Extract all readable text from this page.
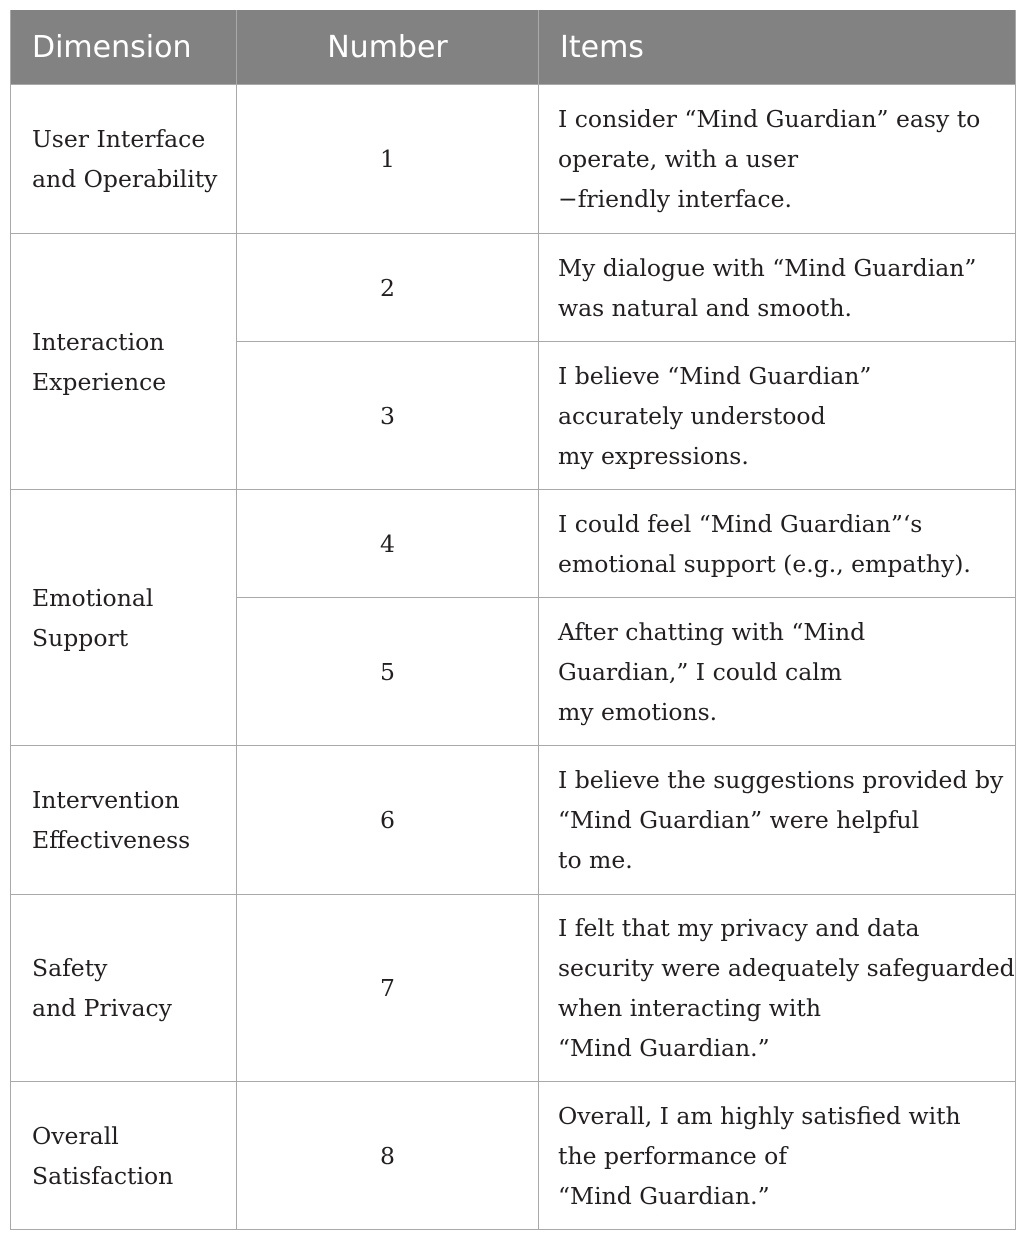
Dimension	Number	Items

User Interface
and Operability	1	I consider “Mind Guardian” easy to
operate, with a user
−friendly interface.

Interaction
Experience	2	My dialogue with “Mind Guardian”
was natural and smooth.

	3	I believe “Mind Guardian”
accurately understood
my expressions.

Emotional
Support	4	I could feel “Mind Guardian”‘s
emotional support (e.g., empathy).

	5	After chatting with “Mind
Guardian,” I could calm
my emotions.

Intervention
Effectiveness	6	I believe the suggestions provided by
“Mind Guardian” were helpful
to me.

Safety
and Privacy	7	I felt that my privacy and data
security were adequately safeguarded
when interacting with
“Mind Guardian.”

Overall
Satisfaction	8	Overall, I am highly satisfied with
the performance of
“Mind Guardian.”
